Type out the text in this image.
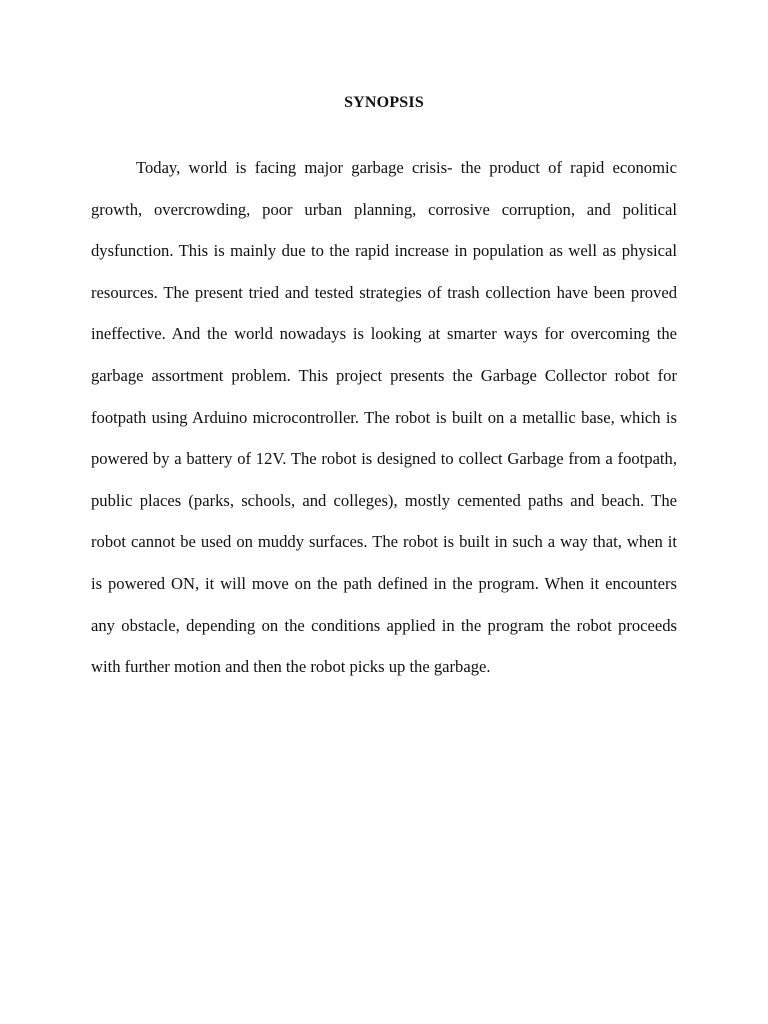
SYNOPSIS

Today, world is facing major garbage crisis- the product of rapid economic growth, overcrowding, poor urban planning, corrosive corruption, and political dysfunction. This is mainly due to the rapid increase in population as well as physical resources. The present tried and tested strategies of trash collection have been proved ineffective. And the world nowadays is looking at smarter ways for overcoming the garbage assortment problem. This project presents the Garbage Collector robot for footpath using Arduino microcontroller. The robot is built on a metallic base, which is powered by a battery of 12V. The robot is designed to collect Garbage from a footpath, public places (parks, schools, and colleges), mostly cemented paths and beach. The robot cannot be used on muddy surfaces. The robot is built in such a way that, when it is powered ON, it will move on the path defined in the program. When it encounters any obstacle, depending on the conditions applied in the program the robot proceeds with further motion and then the robot picks up the garbage.
